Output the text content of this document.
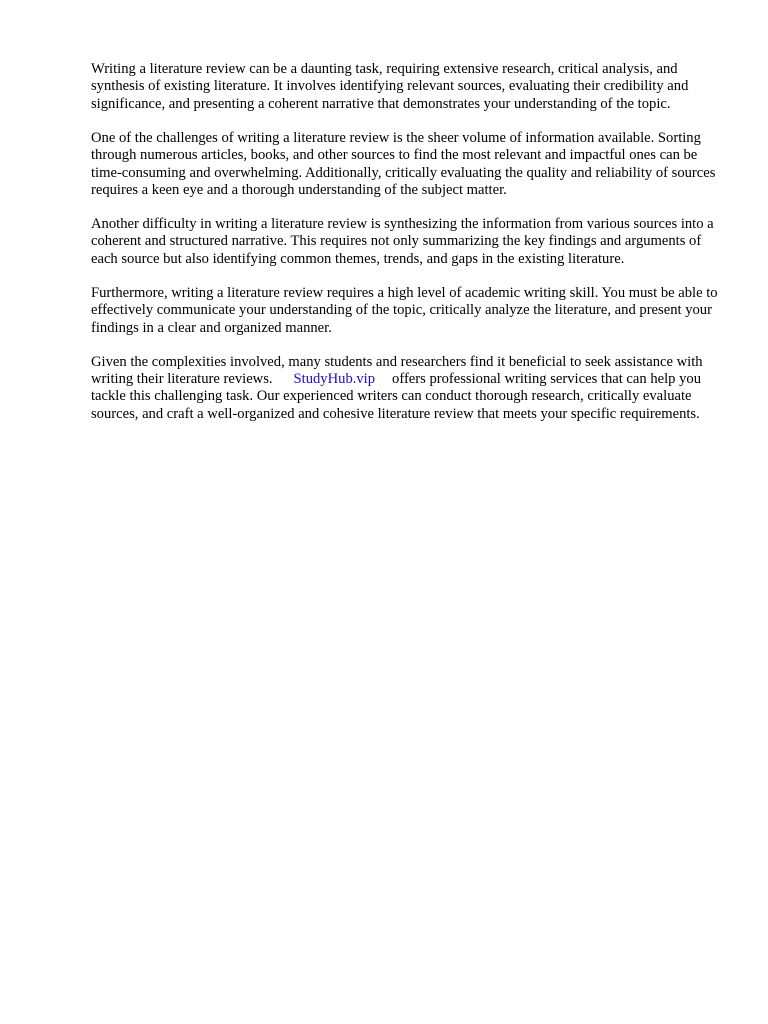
Writing a literature review can be a daunting task, requiring extensive research, critical analysis, and synthesis of existing literature. It involves identifying relevant sources, evaluating their credibility and significance, and presenting a coherent narrative that demonstrates your understanding of the topic.

One of the challenges of writing a literature review is the sheer volume of information available. Sorting through numerous articles, books, and other sources to find the most relevant and impactful ones can be time-consuming and overwhelming. Additionally, critically evaluating the quality and reliability of sources requires a keen eye and a thorough understanding of the subject matter.

Another difficulty in writing a literature review is synthesizing the information from various sources into a coherent and structured narrative. This requires not only summarizing the key findings and arguments of each source but also identifying common themes, trends, and gaps in the existing literature.

Furthermore, writing a literature review requires a high level of academic writing skill. You must be able to effectively communicate your understanding of the topic, critically analyze the literature, and present your findings in a clear and organized manner.

Given the complexities involved, many students and researchers find it beneficial to seek assistance with writing their literature reviews. StudyHub.vip offers professional writing services that can help you tackle this challenging task. Our experienced writers can conduct thorough research, critically evaluate sources, and craft a well-organized and cohesive literature review that meets your specific requirements.
